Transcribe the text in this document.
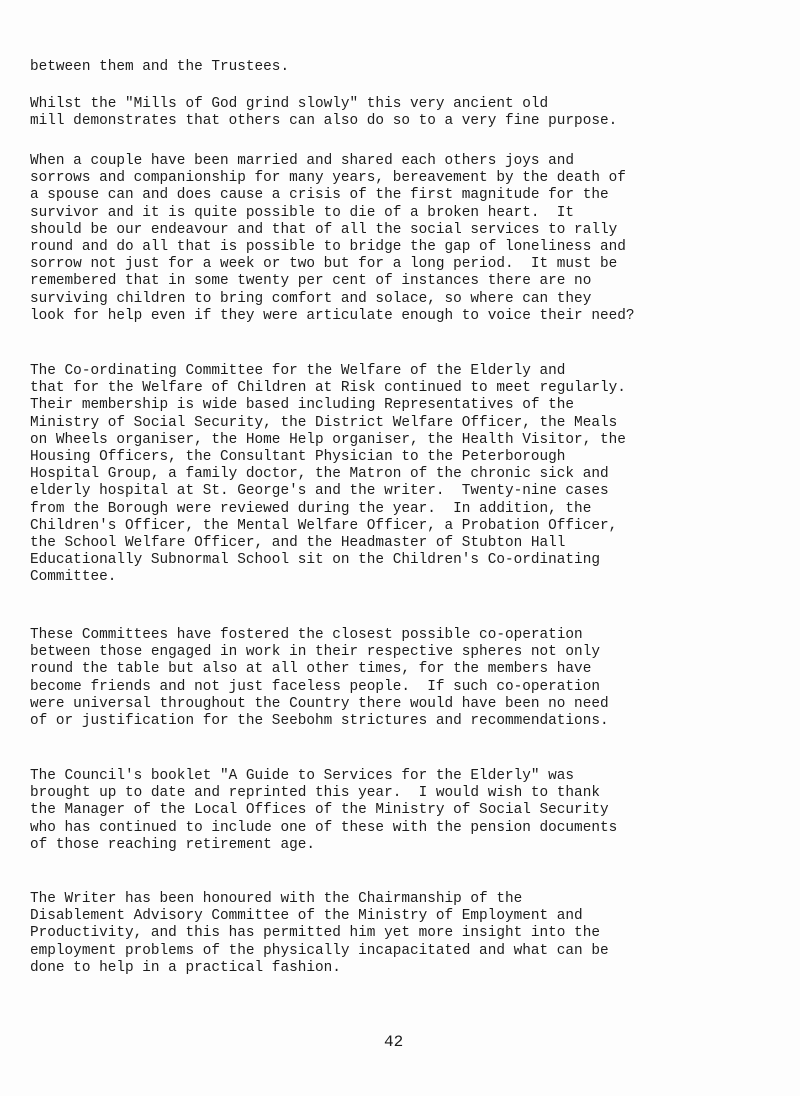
between them and the Trustees.
Whilst the "Mills of God grind slowly" this very ancient old
mill demonstrates that others can also do so to a very fine purpose.
When a couple have been married and shared each others joys and
sorrows and companionship for many years, bereavement by the death of
a spouse can and does cause a crisis of the first magnitude for the
survivor and it is quite possible to die of a broken heart.  It
should be our endeavour and that of all the social services to rally
round and do all that is possible to bridge the gap of loneliness and
sorrow not just for a week or two but for a long period.  It must be
remembered that in some twenty per cent of instances there are no
surviving children to bring comfort and solace, so where can they
look for help even if they were articulate enough to voice their need?
The Co-ordinating Committee for the Welfare of the Elderly and
that for the Welfare of Children at Risk continued to meet regularly.
Their membership is wide based including Representatives of the
Ministry of Social Security, the District Welfare Officer, the Meals
on Wheels organiser, the Home Help organiser, the Health Visitor, the
Housing Officers, the Consultant Physician to the Peterborough
Hospital Group, a family doctor, the Matron of the chronic sick and
elderly hospital at St. George's and the writer.  Twenty-nine cases
from the Borough were reviewed during the year.  In addition, the
Children's Officer, the Mental Welfare Officer, a Probation Officer,
the School Welfare Officer, and the Headmaster of Stubton Hall
Educationally Subnormal School sit on the Children's Co-ordinating
Committee.
These Committees have fostered the closest possible co-operation
between those engaged in work in their respective spheres not only
round the table but also at all other times, for the members have
become friends and not just faceless people.  If such co-operation
were universal throughout the Country there would have been no need
of or justification for the Seebohm strictures and recommendations.
The Council's booklet "A Guide to Services for the Elderly" was
brought up to date and reprinted this year.  I would wish to thank
the Manager of the Local Offices of the Ministry of Social Security
who has continued to include one of these with the pension documents
of those reaching retirement age.
The Writer has been honoured with the Chairmanship of the
Disablement Advisory Committee of the Ministry of Employment and
Productivity, and this has permitted him yet more insight into the
employment problems of the physically incapacitated and what can be
done to help in a practical fashion.
42
